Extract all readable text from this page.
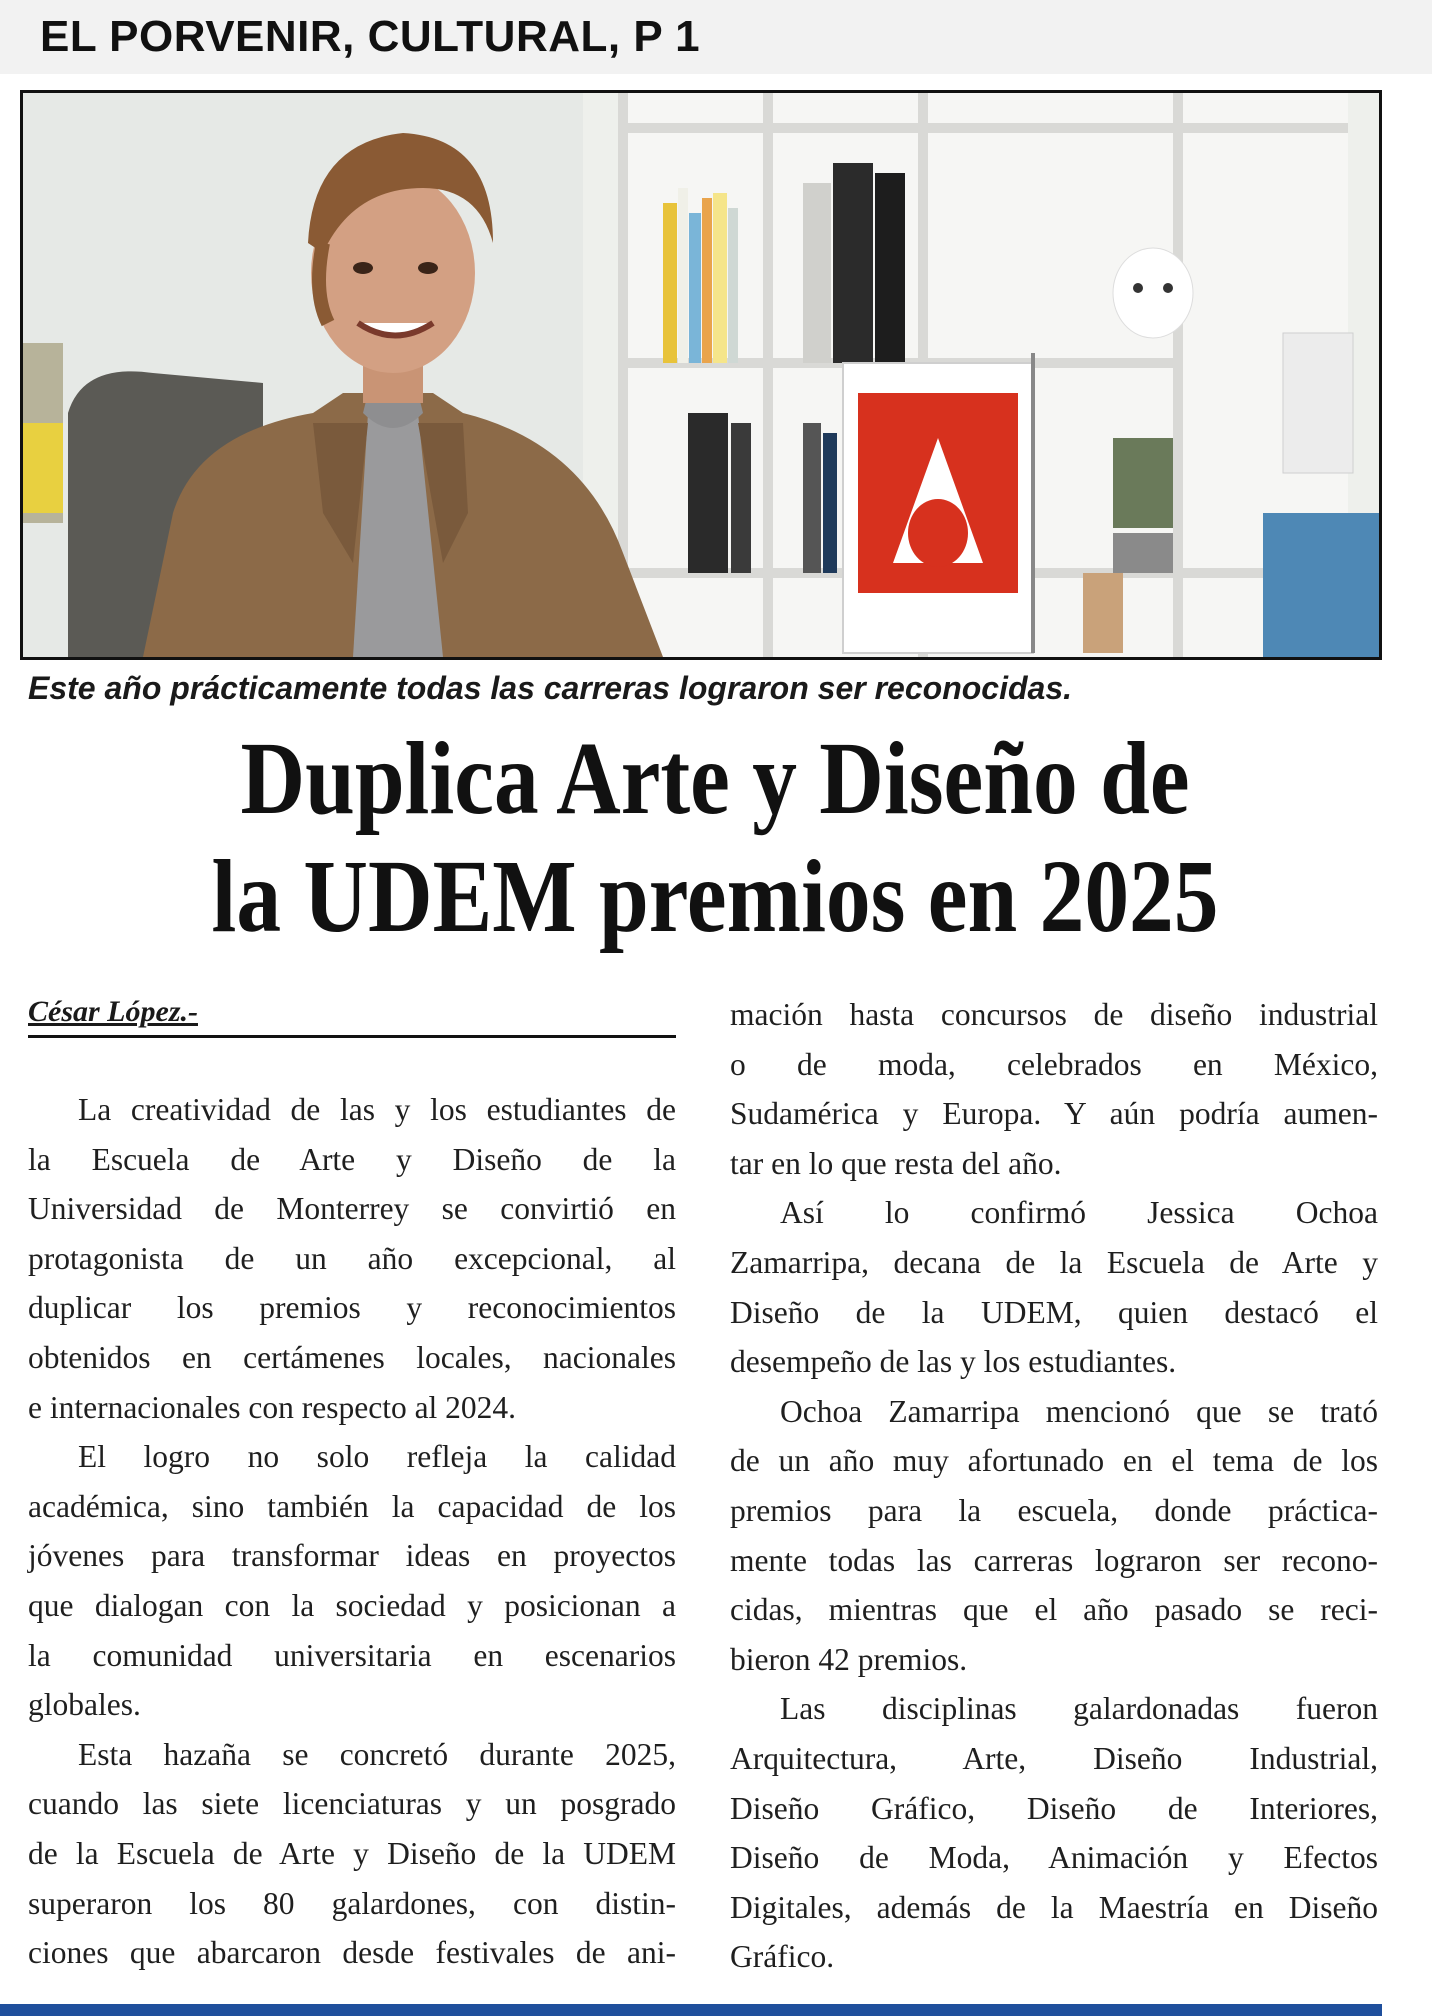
EL PORVENIR, CULTURAL, P 1
Este año prácticamente todas las carreras lograron ser reconocidas.
Duplica Arte y Diseño de
la UDEM premios en 2025
César López.-
La creatividad de las y los estudiantes de
la Escuela de Arte y Diseño de la
Universidad de Monterrey se convirtió en
protagonista de un año excepcional, al
duplicar los premios y reconocimientos
obtenidos en certámenes locales, nacionales
e internacionales con respecto al 2024.
El logro no solo refleja la calidad
académica, sino también la capacidad de los
jóvenes para transformar ideas en proyectos
que dialogan con la sociedad y posicionan a
la comunidad universitaria en escenarios
globales.
Esta hazaña se concretó durante 2025,
cuando las siete licenciaturas y un posgrado
de la Escuela de Arte y Diseño de la UDEM
superaron los 80 galardones, con distin-
ciones que abarcaron desde festivales de ani-
mación hasta concursos de diseño industrial
o de moda, celebrados en México,
Sudamérica y Europa. Y aún podría aumen-
tar en lo que resta del año.
Así lo confirmó Jessica Ochoa
Zamarripa, decana de la Escuela de Arte y
Diseño de la UDEM, quien destacó el
desempeño de las y los estudiantes.
Ochoa Zamarripa mencionó que se trató
de un año muy afortunado en el tema de los
premios para la escuela, donde práctica-
mente todas las carreras lograron ser recono-
cidas, mientras que el año pasado se reci-
bieron 42 premios.
Las disciplinas galardonadas fueron
Arquitectura, Arte, Diseño Industrial,
Diseño Gráfico, Diseño de Interiores,
Diseño de Moda, Animación y Efectos
Digitales, además de la Maestría en Diseño
Gráfico.
